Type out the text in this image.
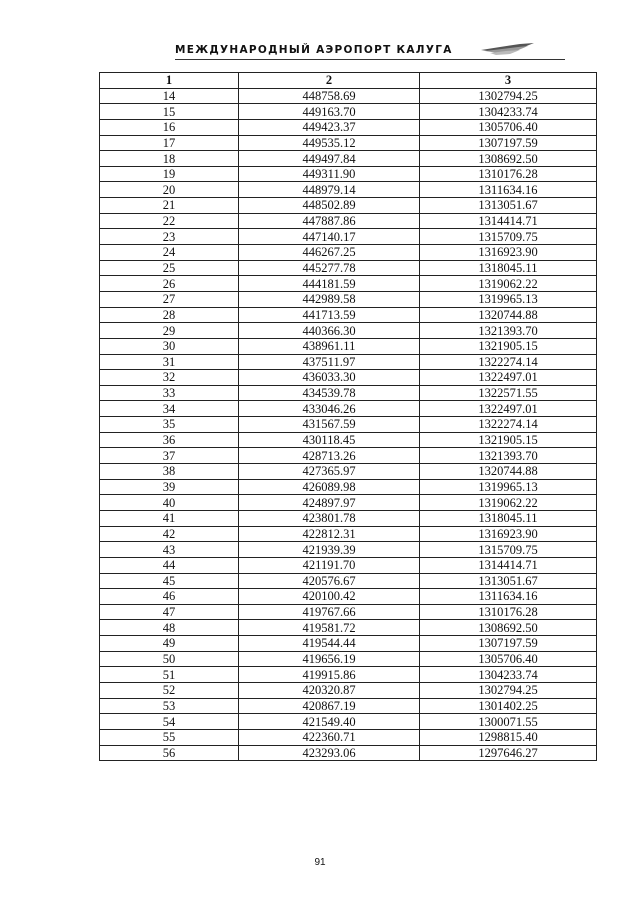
МЕЖДУНАРОДНЫЙ АЭРОПОРТ КАЛУГА
1	2	3
14	448758.69	1302794.25
15	449163.70	1304233.74
16	449423.37	1305706.40
17	449535.12	1307197.59
18	449497.84	1308692.50
19	449311.90	1310176.28
20	448979.14	1311634.16
21	448502.89	1313051.67
22	447887.86	1314414.71
23	447140.17	1315709.75
24	446267.25	1316923.90
25	445277.78	1318045.11
26	444181.59	1319062.22
27	442989.58	1319965.13
28	441713.59	1320744.88
29	440366.30	1321393.70
30	438961.11	1321905.15
31	437511.97	1322274.14
32	436033.30	1322497.01
33	434539.78	1322571.55
34	433046.26	1322497.01
35	431567.59	1322274.14
36	430118.45	1321905.15
37	428713.26	1321393.70
38	427365.97	1320744.88
39	426089.98	1319965.13
40	424897.97	1319062.22
41	423801.78	1318045.11
42	422812.31	1316923.90
43	421939.39	1315709.75
44	421191.70	1314414.71
45	420576.67	1313051.67
46	420100.42	1311634.16
47	419767.66	1310176.28
48	419581.72	1308692.50
49	419544.44	1307197.59
50	419656.19	1305706.40
51	419915.86	1304233.74
52	420320.87	1302794.25
53	420867.19	1301402.25
54	421549.40	1300071.55
55	422360.71	1298815.40
56	423293.06	1297646.27
91
